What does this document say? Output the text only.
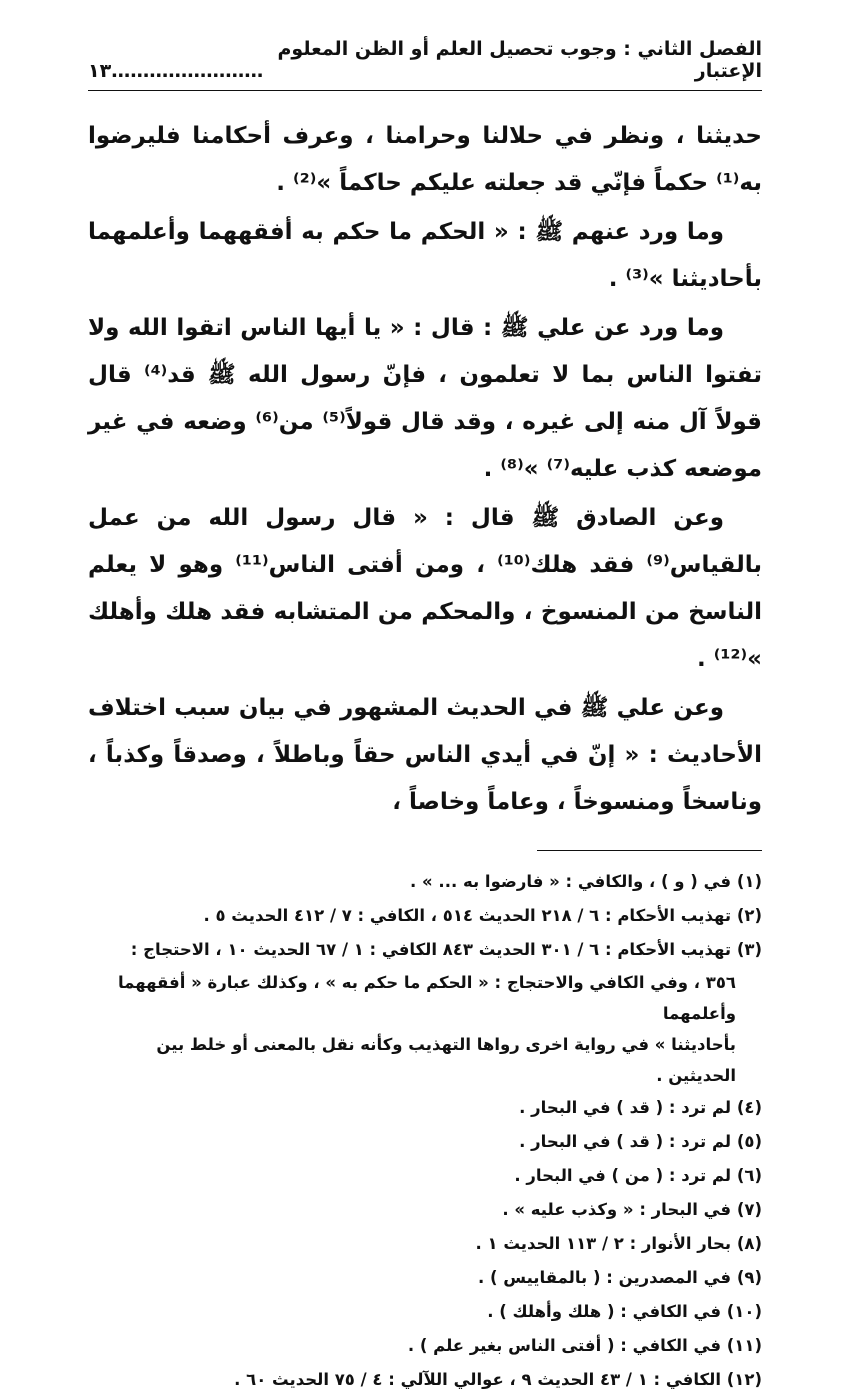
الفصل الثاني : وجوب تحصيل العلم أو الظن المعلوم الإعتبار
……………………
١٣

حديثنا ، ونظر في حلالنا وحرامنا ، وعرف أحكامنا فليرضوا به⁽¹⁾ حكماً فإنّي قد جعلته عليكم حاكماً »⁽²⁾ .

وما ورد عنهم ﷺ : « الحكم ما حكم به أفقههما وأعلمهما بأحاديثنا »⁽³⁾ .

وما ورد عن علي ﷺ : قال : « يا أيها الناس اتقوا الله ولا تفتوا الناس بما لا تعلمون ، فإنّ رسول الله ﷺ قد⁽⁴⁾ قال قولاً آل منه إلى غيره ، وقد قال قولاً⁽⁵⁾ من⁽⁶⁾ وضعه في غير موضعه كذب عليه⁽⁷⁾ »⁽⁸⁾ .

وعن الصادق ﷺ قال : « قال رسول الله من عمل بالقياس⁽⁹⁾ فقد هلك⁽¹⁰⁾ ، ومن أفتى الناس⁽¹¹⁾ وهو لا يعلم الناسخ من المنسوخ ، والمحكم من المتشابه فقد هلك وأهلك »⁽¹²⁾ .

وعن علي ﷺ في الحديث المشهور في بيان سبب اختلاف الأحاديث : « إنّ في أيدي الناس حقاً وباطلاً ، وصدقاً وكذباً ، وناسخاً ومنسوخاً ، وعاماً وخاصاً ،

(١) في ( و ) ، والكافي : « فارضوا به ... » .

(٢) تهذيب الأحكام : ٦ / ٢١٨ الحديث ٥١٤ ، الكافي : ٧ / ٤١٢ الحديث ٥ .

(٣) تهذيب الأحكام : ٦ / ٣٠١ الحديث ٨٤٣ الكافي : ١ / ٦٧ الحديث ١٠ ، الاحتجاج :

٣٥٦ ، وفي الكافي والاحتجاج : « الحكم ما حكم به » ، وكذلك عبارة « أفقههما وأعلمهما

بأحاديثنا » في رواية اخرى رواها التهذيب وكأنه نقل بالمعنى أو خلط بين الحديثين .

(٤) لم ترد : ( قد ) في البحار .

(٥) لم ترد : ( قد ) في البحار .

(٦) لم ترد : ( من ) في البحار .

(٧) في البحار : « وكذب عليه » .

(٨) بحار الأنوار : ٢ / ١١٣ الحديث ١ .

(٩) في المصدرين : ( بالمقاييس ) .

(١٠) في الكافي : ( هلك وأهلك ) .

(١١) في الكافي : ( أفتى الناس بغير علم ) .

(١٢) الكافي : ١ / ٤٣ الحديث ٩ ، عوالي اللآلي : ٤ / ٧٥ الحديث ٦٠ .
